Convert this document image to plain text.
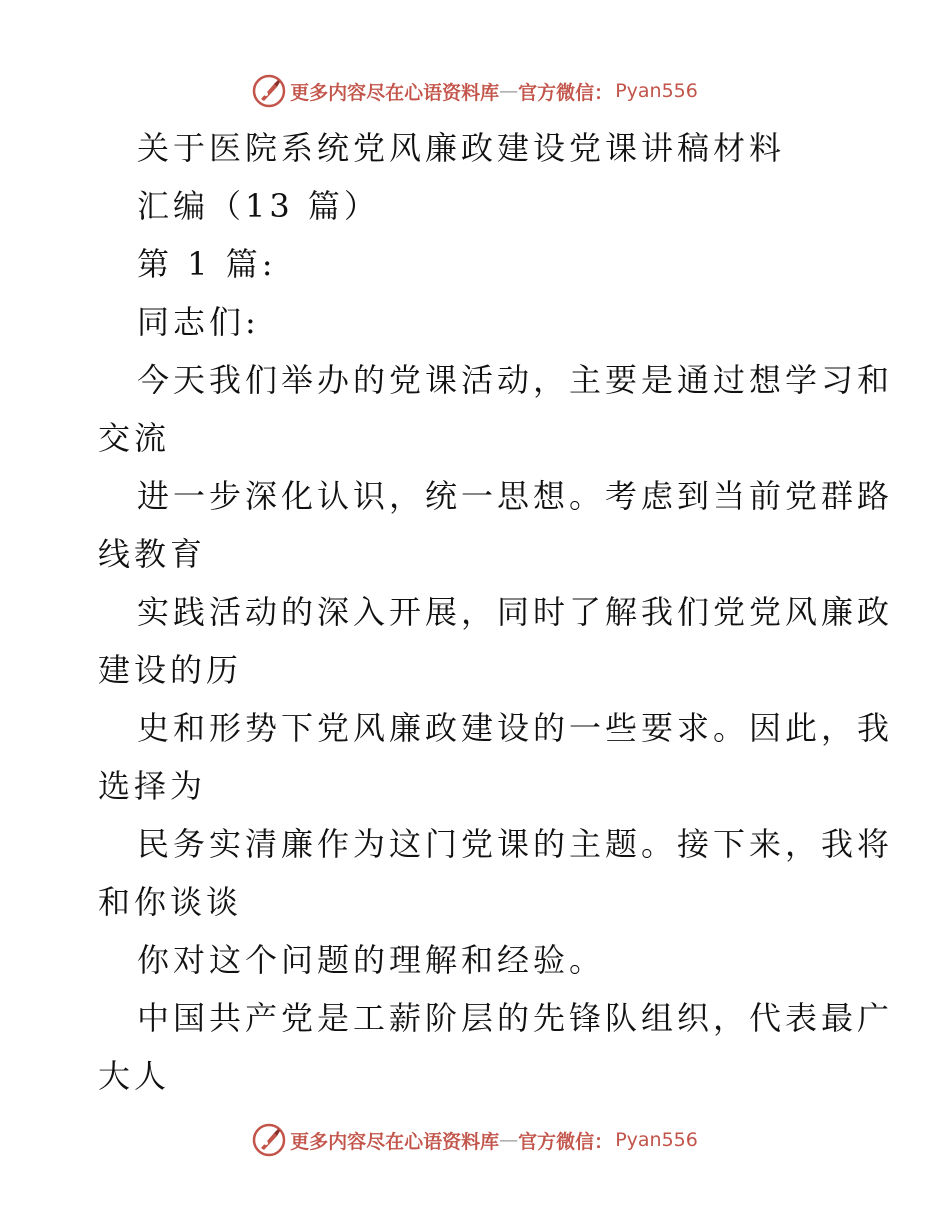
更多内容尽在心语资料库 — 官方微信： Pyan556
关于医院系统党风廉政建设党课讲稿材料
汇编（13 篇）
第 1 篇:
同志们:
今天我们举办的党课活动，主要是通过想学习和
交流
进一步深化认识，统一思想。考虑到当前党群路
线教育
实践活动的深入开展，同时了解我们党党风廉政
建设的历
史和形势下党风廉政建设的一些要求。因此，我
选择为
民务实清廉作为这门党课的主题。接下来，我将
和你谈谈
你对这个问题的理解和经验。
中国共产党是工薪阶层的先锋队组织，代表最广
大人
更多内容尽在心语资料库 — 官方微信： Pyan556
